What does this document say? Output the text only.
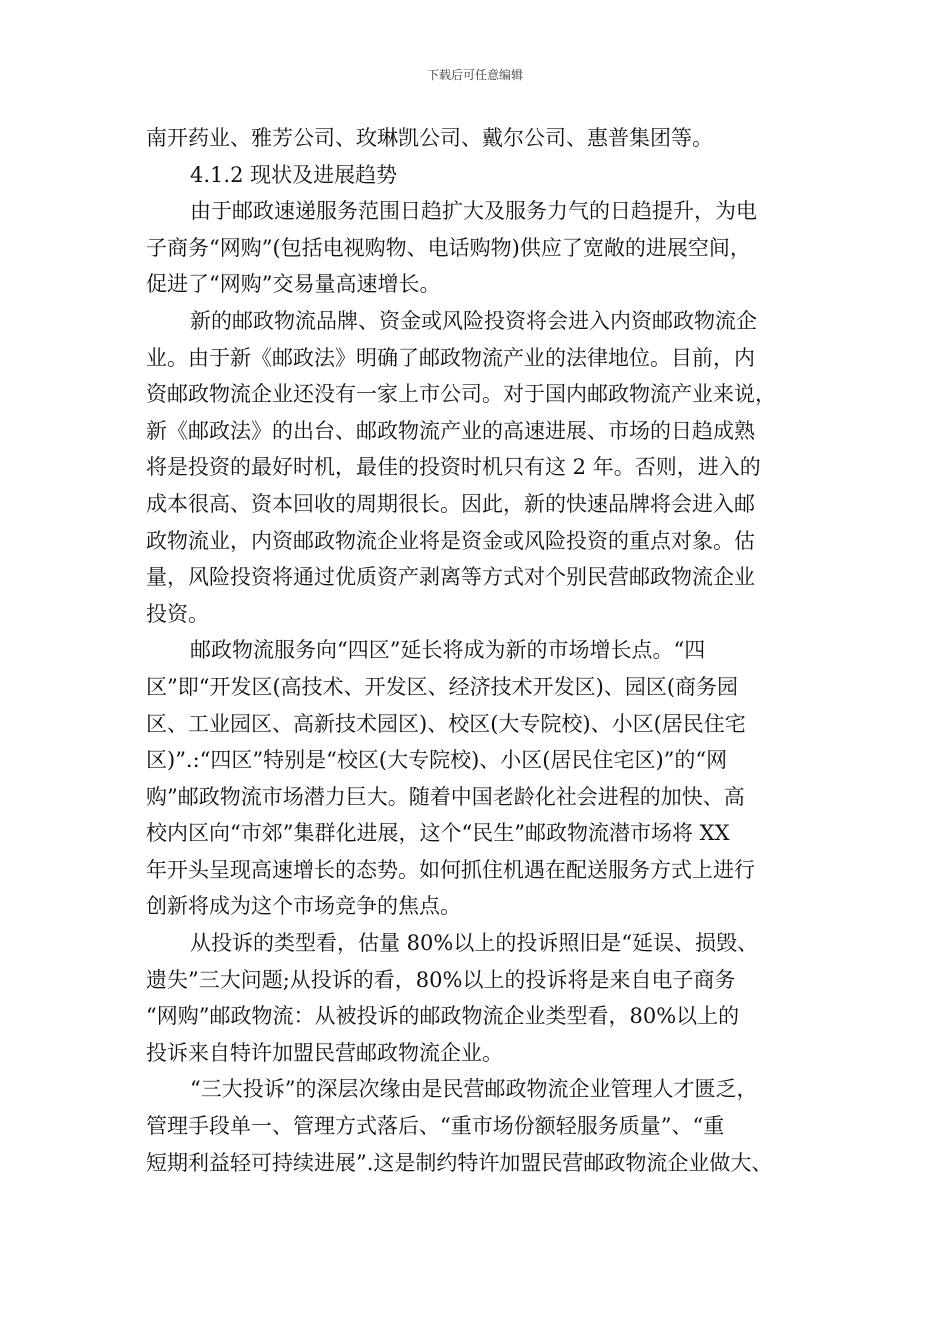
下载后可任意编辑
南开药业、雅芳公司、玫琳凯公司、戴尔公司、惠普集团等。
4.1.2 现状及进展趋势
由于邮政速递服务范围日趋扩大及服务力气的日趋提升，为电
子商务“网购”(包括电视购物、电话购物)供应了宽敞的进展空间，
促进了“网购”交易量高速增长。
新的邮政物流品牌、资金或风险投资将会进入内资邮政物流企
业。由于新《邮政法》明确了邮政物流产业的法律地位。目前，内
资邮政物流企业还没有一家上市公司。对于国内邮政物流产业来说，
新《邮政法》的出台、邮政物流产业的高速进展、市场的日趋成熟
将是投资的最好时机，最佳的投资时机只有这 2 年。否则，进入的
成本很高、资本回收的周期很长。因此，新的快速品牌将会进入邮
政物流业，内资邮政物流企业将是资金或风险投资的重点对象。估
量，风险投资将通过优质资产剥离等方式对个别民营邮政物流企业
投资。
邮政物流服务向“四区”延长将成为新的市场增长点。“四
区”即“开发区(高技术、开发区、经济技术开发区)、园区(商务园
区、工业园区、高新技术园区)、校区(大专院校)、小区(居民住宅
区)”.:“四区”特别是“校区(大专院校)、小区(居民住宅区)”的“网
购”邮政物流市场潜力巨大。随着中国老龄化社会进程的加快、高
校内区向“市郊”集群化进展，这个“民生”邮政物流潜市场将 XX
年开头呈现高速增长的态势。如何抓住机遇在配送服务方式上进行
创新将成为这个市场竞争的焦点。
从投诉的类型看，估量 80%以上的投诉照旧是“延误、损毁、
遗失”三大问题;从投诉的看，80%以上的投诉将是来自电子商务
“网购”邮政物流：从被投诉的邮政物流企业类型看，80%以上的
投诉来自特许加盟民营邮政物流企业。
“三大投诉”的深层次缘由是民营邮政物流企业管理人才匮乏，
管理手段单一、管理方式落后、“重市场份额轻服务质量”、“重
短期利益轻可持续进展”.这是制约特许加盟民营邮政物流企业做大、
